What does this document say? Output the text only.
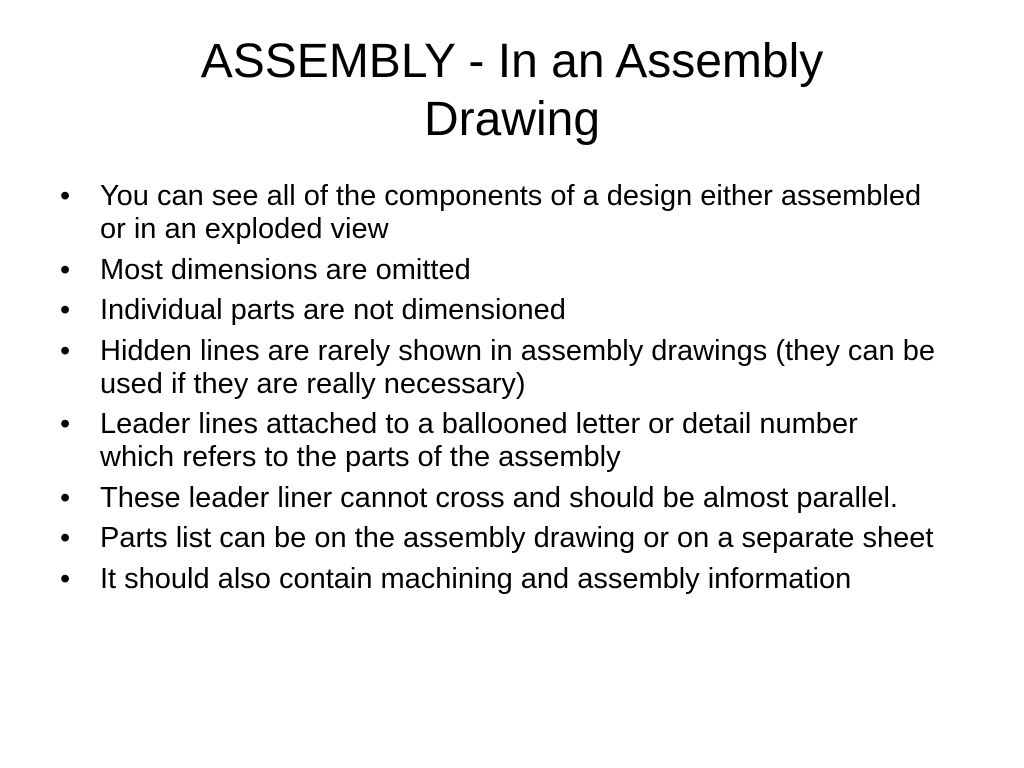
ASSEMBLY - In an Assembly
Drawing
• You can see all of the components of a design either assembled or in an exploded view
• Most dimensions are omitted
• Individual parts are not dimensioned
• Hidden lines are rarely shown in assembly drawings (they can be used if they are really necessary)
• Leader lines attached to a ballooned letter or detail number which refers to the parts of the assembly
• These leader liner cannot cross and should be almost parallel.
• Parts list can be on the assembly drawing or on a separate sheet
• It should also contain machining and assembly information
